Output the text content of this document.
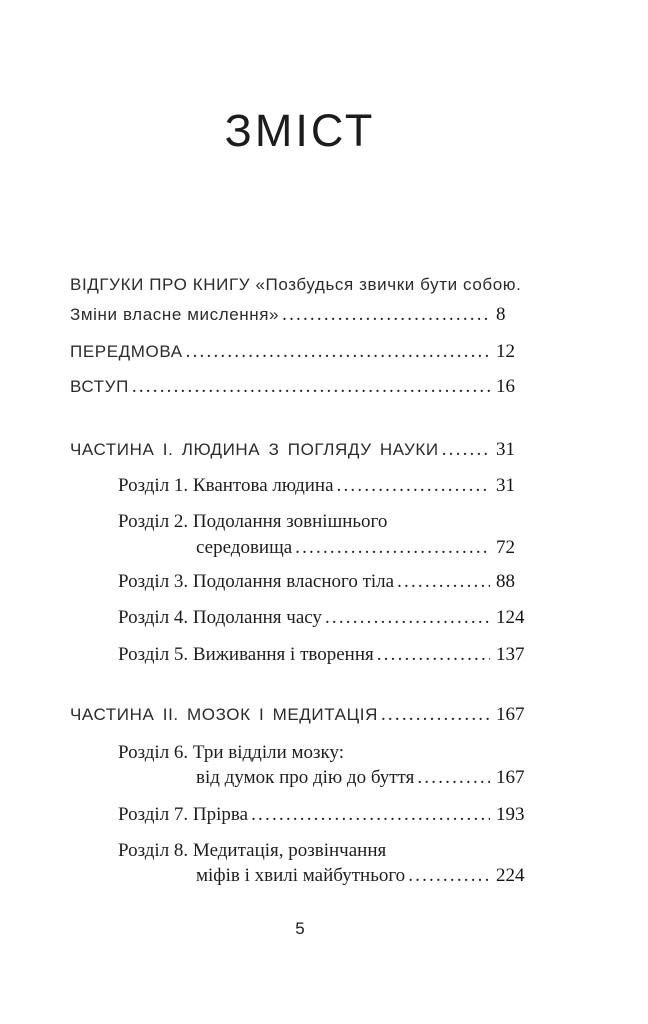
ЗМІСТ
ВІДГУКИ ПРО КНИГУ «Позбудься звички бути собою.
Зміни власне мислення» .....	8
ПЕРЕДМОВА .....	12
ВСТУП .....	16
ЧАСТИНА І. ЛЮДИНА З ПОГЛЯДУ НАУКИ .....	31
Розділ 1. Квантова людина .....	31
Розділ 2. Подолання зовнішнього
середовища .....	72
Розділ 3. Подолання власного тіла .....	88
Розділ 4. Подолання часу .....	124
Розділ 5. Виживання і творення .....	137
ЧАСТИНА ІІ. МОЗОК І МЕДИТАЦІЯ .....	167
Розділ 6. Три відділи мозку:
від думок про дію до буття .....	167
Розділ 7. Прірва .....	193
Розділ 8. Медитація, розвінчання
міфів і хвилі майбутнього .....	224
5
